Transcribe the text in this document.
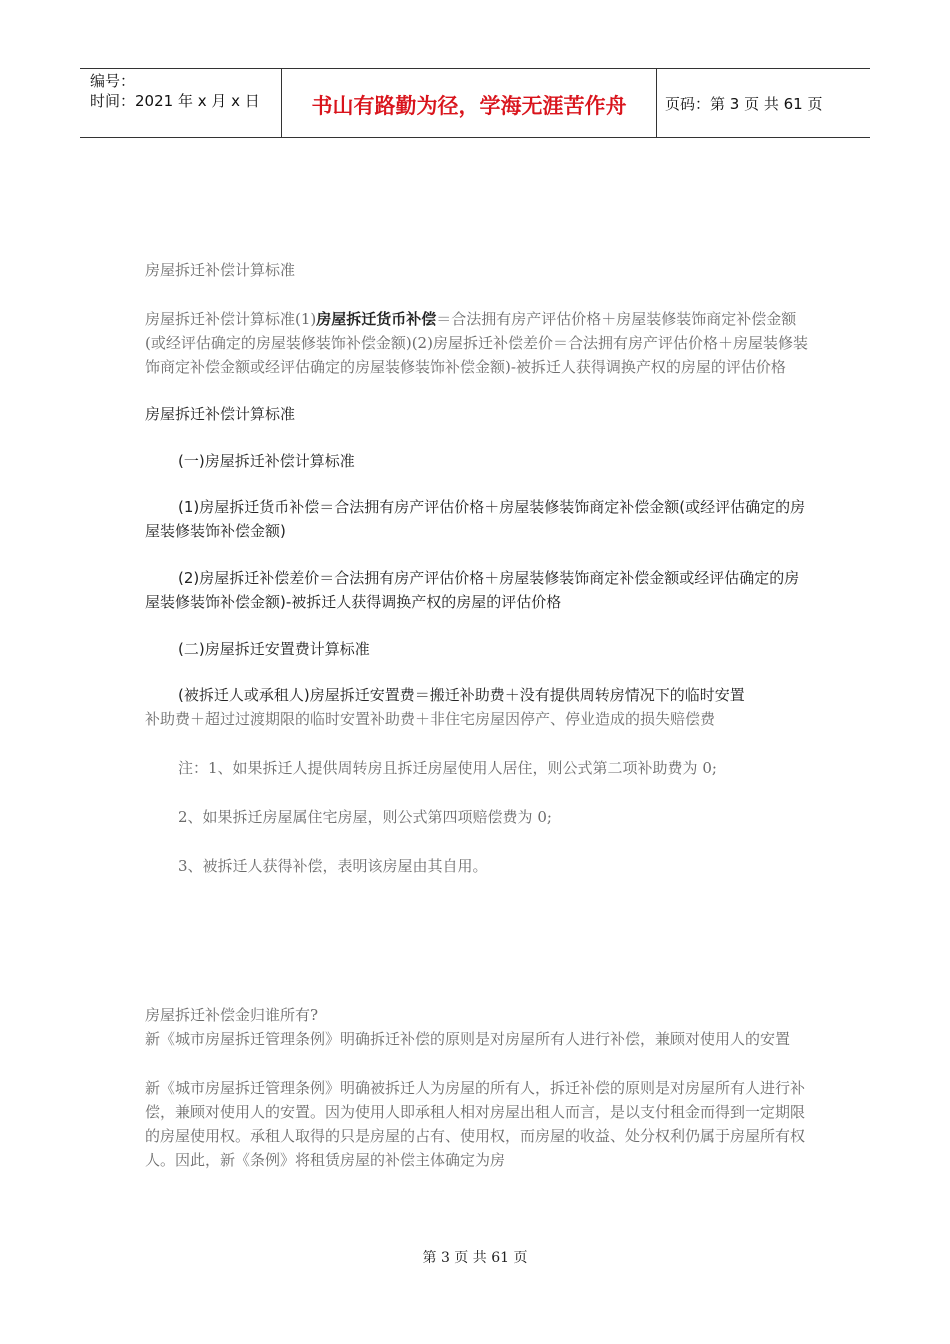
编号：
时间：2021 年 x 月 x 日	书山有路勤为径，学海无涯苦作舟	页码：第 3 页 共 61 页

房屋拆迁补偿计算标准

房屋拆迁补偿计算标准(1)房屋拆迁货币补偿＝合法拥有房产评估价格＋房屋装修装饰商定补偿金额(或经评估确定的房屋装修装饰补偿金额)(2)房屋拆迁补偿差价＝合法拥有房产评估价格＋房屋装修装饰商定补偿金额或经评估确定的房屋装修装饰补偿金额)-被拆迁人获得调换产权的房屋的评估价格

房屋拆迁补偿计算标准

(一)房屋拆迁补偿计算标准

(1)房屋拆迁货币补偿＝合法拥有房产评估价格＋房屋装修装饰商定补偿金额(或经评估确定的房屋装修装饰补偿金额)

(2)房屋拆迁补偿差价＝合法拥有房产评估价格＋房屋装修装饰商定补偿金额或经评估确定的房屋装修装饰补偿金额)-被拆迁人获得调换产权的房屋的评估价格

(二)房屋拆迁安置费计算标准

(被拆迁人或承租人)房屋拆迁安置费＝搬迁补助费＋没有提供周转房情况下的临时安置
补助费＋超过过渡期限的临时安置补助费＋非住宅房屋因停产、停业造成的损失赔偿费

注：1、如果拆迁人提供周转房且拆迁房屋使用人居住，则公式第二项补助费为 0;

2、如果拆迁房屋属住宅房屋，则公式第四项赔偿费为 0;

3、被拆迁人获得补偿，表明该房屋由其自用。

房屋拆迁补偿金归谁所有?

新《城市房屋拆迁管理条例》明确拆迁补偿的原则是对房屋所有人进行补偿，兼顾对使用人的安置

新《城市房屋拆迁管理条例》明确被拆迁人为房屋的所有人，拆迁补偿的原则是对房屋所有人进行补偿，兼顾对使用人的安置。因为使用人即承租人相对房屋出租人而言，是以支付租金而得到一定期限的房屋使用权。承租人取得的只是房屋的占有、使用权，而房屋的收益、处分权利仍属于房屋所有权人。因此，新《条例》将租赁房屋的补偿主体确定为房

第 3 页 共 61 页
